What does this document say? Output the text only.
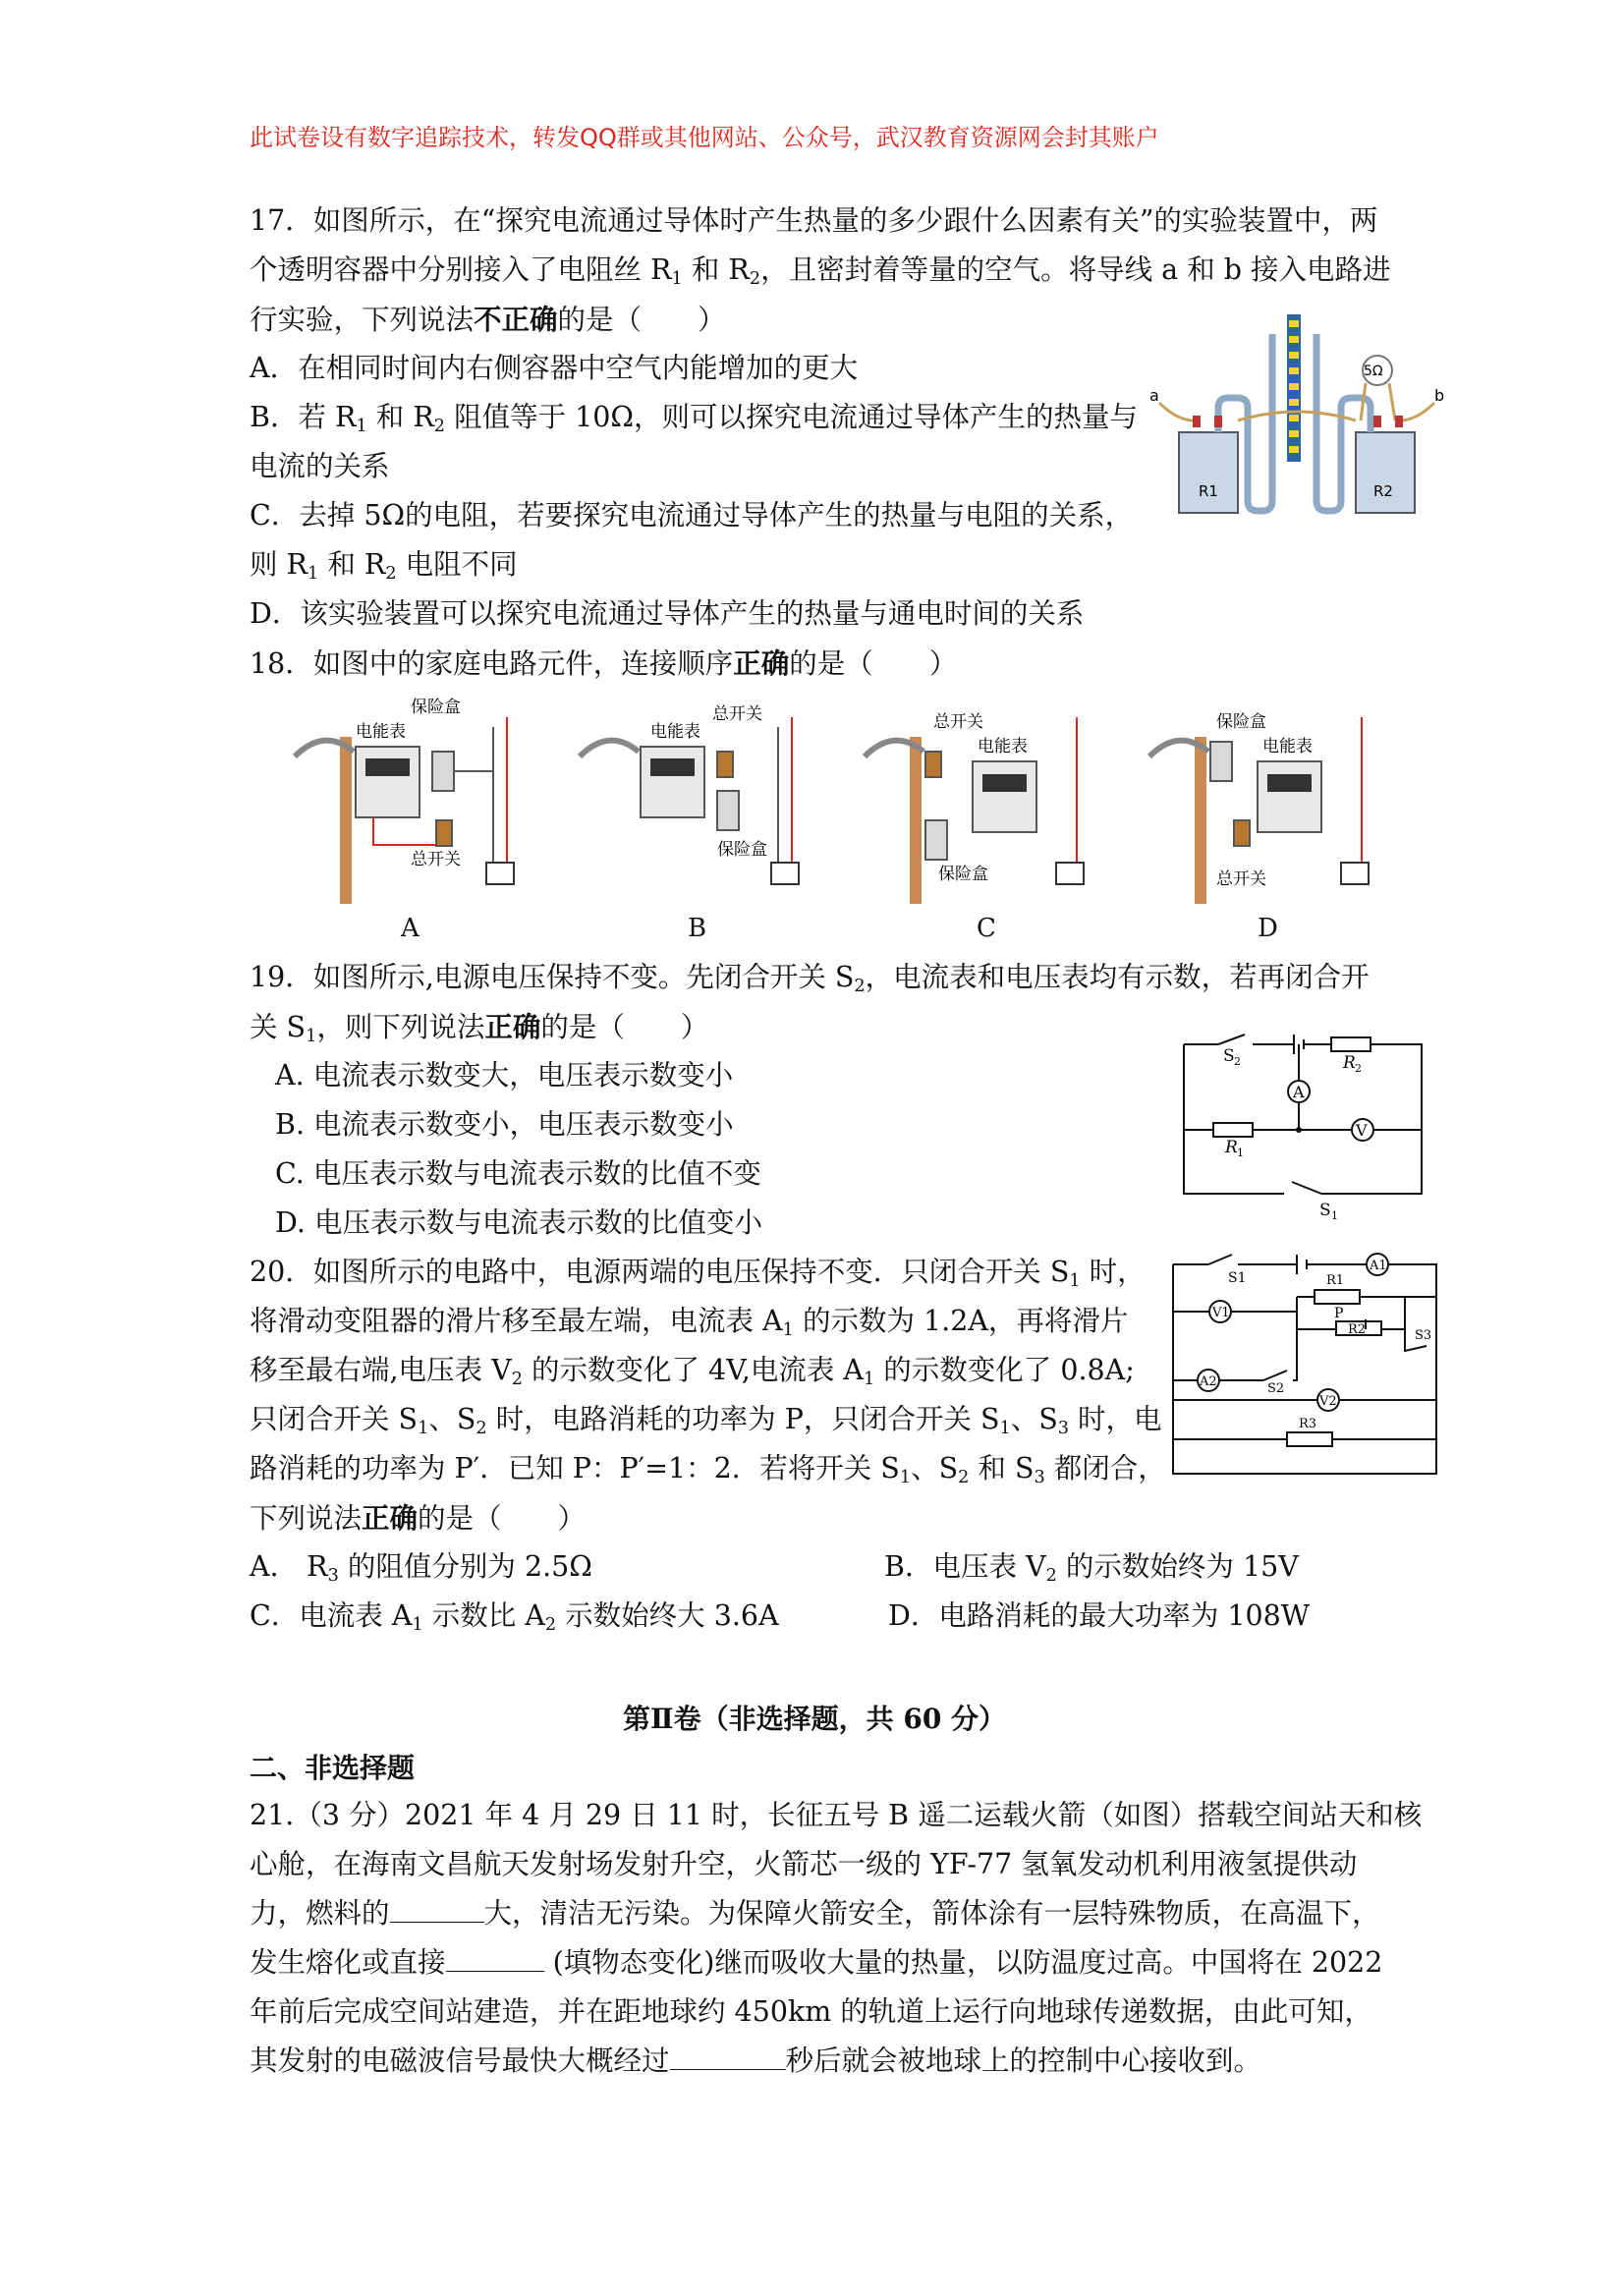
此试卷设有数字追踪技术，转发QQ群或其他网站、公众号，武汉教育资源网会封其账户
17．如图所示，在“探究电流通过导体时产生热量的多少跟什么因素有关”的实验装置中，两
个透明容器中分别接入了电阻丝 $R_1$ 和 $R_2$，且密封着等量的空气。将导线 a 和 b 接入电路进
行实验，下列说法不正确的是（　　）
A．在相同时间内右侧容器中空气内能增加的更大
B．若 $R_1$ 和 $R_2$ 阻值等于 10Ω，则可以探究电流通过导体产生的热量与
电流的关系
C．去掉 5Ω的电阻，若要探究电流通过导体产生的热量与电阻的关系，
则 $R_1$ 和 $R_2$ 电阻不同
D．该实验装置可以探究电流通过导体产生的热量与通电时间的关系
5Ω
a	b
R1	R2
18．如图中的家庭电路元件，连接顺序正确的是（　　）
电能表
保险盒
总开关
电能表
总开关
保险盒
总开关
电能表
保险盒
保险盒
电能表
总开关
A	B	C	D
19．如图所示,电源电压保持不变。先闭合开关 $S_2$，电流表和电压表均有示数，若再闭合开
关 $S_1$，则下列说法正确的是（　　）
A. 电流表示数变大，电压表示数变小
B. 电流表示数变小，电压表示数变小
C. 电压表示数与电流表示数的比值不变
D. 电压表示数与电流表示数的比值变小
S 2	R 2
A
R 1
V
S 1
20．如图所示的电路中，电源两端的电压保持不变．只闭合开关 $S_1$ 时，
将滑动变阻器的滑片移至最左端，电流表 $A_1$ 的示数为 1.2A，再将滑片
移至最右端,电压表 $V_2$ 的示数变化了 4V,电流表 $A_1$ 的示数变化了 0.8A;
只闭合开关 $S_1$、$S_2$ 时，电路消耗的功率为 P，只闭合开关 $S_1$、$S_3$ 时，电
路消耗的功率为 P′．已知 P：P′=1：2．若将开关 $S_1$、$S_2$ 和 $S_3$ 都闭合，
下列说法正确的是（　　）
A． $R_3$ 的阻值分别为 2.5Ω	B．电压表 $V_2$ 的示数始终为 15V
C．电流表 $A_1$ 示数比 $A_2$ 示数始终大 3.6A	D．电路消耗的最大功率为 108W
S1
A1
V1
R1
P
R2	S3
A2	S2
V2
R3
第Ⅱ卷（非选择题，共 60 分）
二、非选择题
21.（3 分）2021 年 4 月 29 日 11 时，长征五号 B 遥二运载火箭（如图）搭载空间站天和核
心舱，在海南文昌航天发射场发射升空，火箭芯一级的 YF-77 氢氧发动机利用液氢提供动
力，燃料的	大，清洁无污染。为保障火箭安全，箭体涂有一层特殊物质，在高温下，
发生熔化或直接	(填物态变化)继而吸收大量的热量，以防温度过高。中国将在 2022
年前后完成空间站建造，并在距地球约 450km 的轨道上运行向地球传递数据，由此可知，
其发射的电磁波信号最快大概经过	秒后就会被地球上的控制中心接收到。
